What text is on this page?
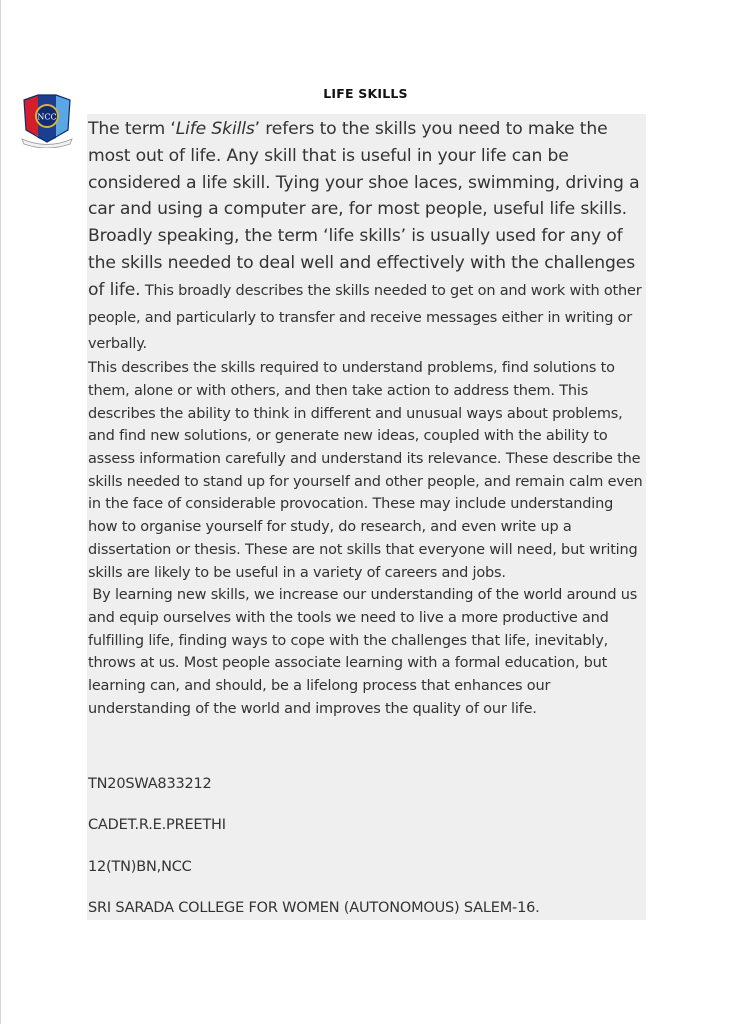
LIFE SKILLS
NCC

The term ‘Life Skills’ refers to the skills you need to make the most out of life. Any skill that is useful in your life can be considered a life skill. Tying your shoe laces, swimming, driving a car and using a computer are, for most people, useful life skills. Broadly speaking, the term ‘life skills’ is usually used for any of the skills needed to deal well and effectively with the challenges of life. This broadly describes the skills needed to get on and work with other people, and particularly to transfer and receive messages either in writing or verbally.

This describes the skills required to understand problems, find solutions to them, alone or with others, and then take action to address them. This describes the ability to think in different and unusual ways about problems, and find new solutions, or generate new ideas, coupled with the ability to assess information carefully and understand its relevance. These describe the skills needed to stand up for yourself and other people, and remain calm even in the face of considerable provocation. These may include understanding how to organise yourself for study, do research, and even write up a dissertation or thesis. These are not skills that everyone will need, but writing skills are likely to be useful in a variety of careers and jobs.

By learning new skills, we increase our understanding of the world around us and equip ourselves with the tools we need to live a more productive and fulfilling life, finding ways to cope with the challenges that life, inevitably, throws at us. Most people associate learning with a formal education, but learning can, and should, be a lifelong process that enhances our understanding of the world and improves the quality of our life.

TN20SWA833212

CADET.R.E.PREETHI

12(TN)BN,NCC

SRI SARADA COLLEGE FOR WOMEN (AUTONOMOUS) SALEM-16.
